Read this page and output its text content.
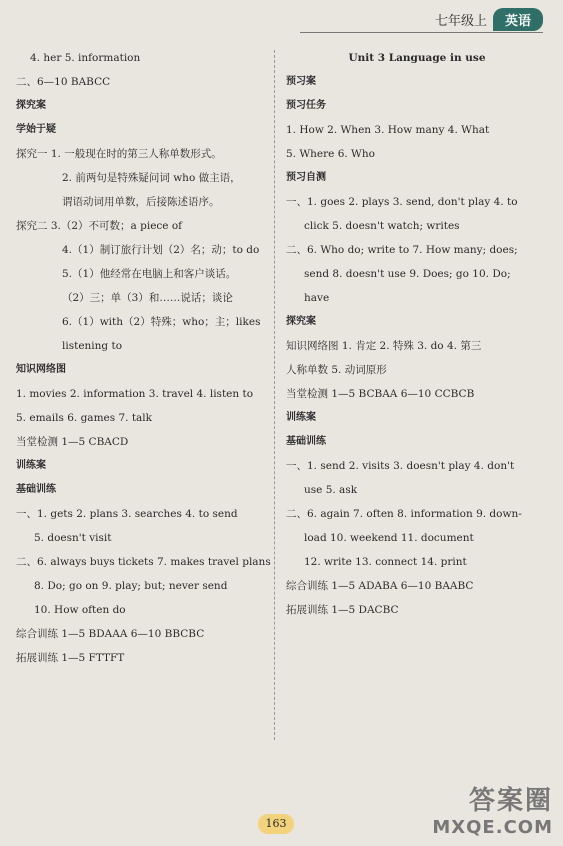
七年级上	英语
4. her 5. information
二、6—10 BABCC
探究案
学始于疑
探究一 1. 一般现在时的第三人称单数形式。
2. 前两句是特殊疑问词 who 做主语，
谓语动词用单数，后接陈述语序。
探究二 3.（2）不可数；a piece of
4.（1）制订旅行计划（2）名；动；to do
5.（1）他经常在电脑上和客户谈话。
（2）三；单（3）和……说话；谈论
6.（1）with（2）特殊；who；主；likes
listening to
知识网络图
1. movies 2. information 3. travel 4. listen to
5. emails 6. games 7. talk
当堂检测 1—5 CBACD
训练案
基础训练
一、1. gets 2. plans 3. searches 4. to send
5. doesn't visit
二、6. always buys tickets 7. makes travel plans
8. Do; go on 9. play; but; never send
10. How often do
综合训练 1—5 BDAAA 6—10 BBCBC
拓展训练 1—5 FTTFT
Unit 3 Language in use
预习案
预习任务
1. How 2. When 3. How many 4. What
5. Where 6. Who
预习自测
一、1. goes 2. plays 3. send, don't play 4. to
click 5. doesn't watch; writes
二、6. Who do; write to 7. How many; does;
send 8. doesn't use 9. Does; go 10. Do;
have
探究案
知识网络图 1. 肯定 2. 特殊 3. do 4. 第三
人称单数 5. 动词原形
当堂检测 1—5 BCBAA 6—10 CCBCB
训练案
基础训练
一、1. send 2. visits 3. doesn't play 4. don't
use 5. ask
二、6. again 7. often 8. information 9. down-
load 10. weekend 11. document
12. write 13. connect 14. print
综合训练 1—5 ADABA 6—10 BAABC
拓展训练 1—5 DACBC
163
答案圈
MXQE.COM
